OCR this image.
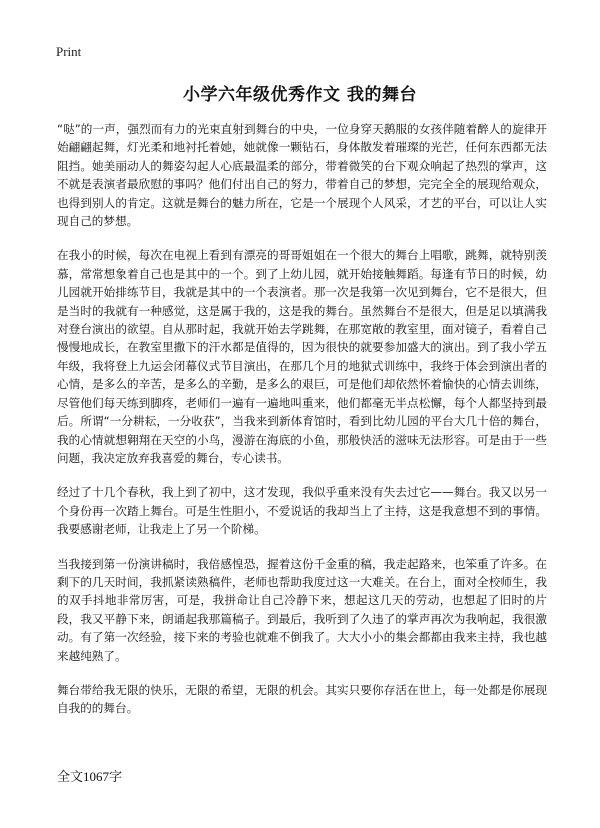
Print
小学六年级优秀作文 我的舞台

“哒”的一声，强烈而有力的光束直射到舞台的中央，一位身穿天鹅服的女孩伴随着醉人的旋律开始翩翩起舞，灯光柔和地衬托着她，她就像一颗钻石，身体散发着璀璨的光芒，任何东西都无法阻挡。她美丽动人的舞姿勾起人心底最温柔的部分，带着微笑的台下观众响起了热烈的掌声，这不就是表演者最欣慰的事吗？他们付出自己的努力，带着自己的梦想，完完全全的展现给观众，也得到别人的肯定。这就是舞台的魅力所在，它是一个展现个人风采，才艺的平台，可以让人实现自己的梦想。

在我小的时候，每次在电视上看到有漂亮的哥哥姐姐在一个很大的舞台上唱歌，跳舞，就特别羡慕，常常想象着自己也是其中的一个。到了上幼儿园，就开始接触舞蹈。每逢有节日的时候，幼儿园就开始排练节目，我就是其中的一个表演者。那一次是我第一次见到舞台，它不是很大，但是当时的我就有一种感觉，这是属于我的，这是我的舞台。虽然舞台不是很大，但是足以填满我对登台演出的欲望。自从那时起，我就开始去学跳舞，在那宽敞的教室里，面对镜子，看着自己慢慢地成长，在教室里撒下的汗水都是值得的，因为很快的就要参加盛大的演出。到了我小学五年级，我将登上九运会闭幕仪式节目演出，在那几个月的地狱式训练中，我终于体会到演出者的心情，是多么的辛苦，是多么的辛勤，是多么的艰巨，可是他们却依然怀着愉快的心情去训练，尽管他们每天练到脚疼，老师们一遍有一遍地叫重来，他们都毫无半点松懈，每个人都坚持到最后。所谓“一分耕耘，一分收获”，当我来到新体育馆时，看到比幼儿园的平台大几十倍的舞台，我的心情就想翱翔在天空的小鸟，漫游在海底的小鱼，那般快活的滋味无法形容。可是由于一些问题，我决定放弃我喜爱的舞台，专心读书。

经过了十几个春秋，我上到了初中，这才发现，我似乎重来没有失去过它——舞台。我又以另一个身份再一次踏上舞台。可是生性胆小，不爱说话的我却当上了主持，这是我意想不到的事情。我要感谢老师，让我走上了另一个阶梯。

当我接到第一份演讲稿时，我倍感惶恐，握着这份千金重的稿，我走起路来，也笨重了许多。在剩下的几天时间，我抓紧读熟稿件，老师也帮助我度过这一大难关。在台上，面对全校师生，我的双手抖地非常厉害，可是，我拼命让自己冷静下来，想起这几天的劳动，也想起了旧时的片段，我又平静下来，朗诵起我那篇稿子。到最后，我听到了久违了的掌声再次为我响起，我很激动。有了第一次经验，接下来的考验也就难不倒我了。大大小小的集会都都由我来主持，我也越来越纯熟了。

舞台带给我无限的快乐，无限的希望，无限的机会。其实只要你存活在世上，每一处都是你展现自我的的舞台。

全文1067字
